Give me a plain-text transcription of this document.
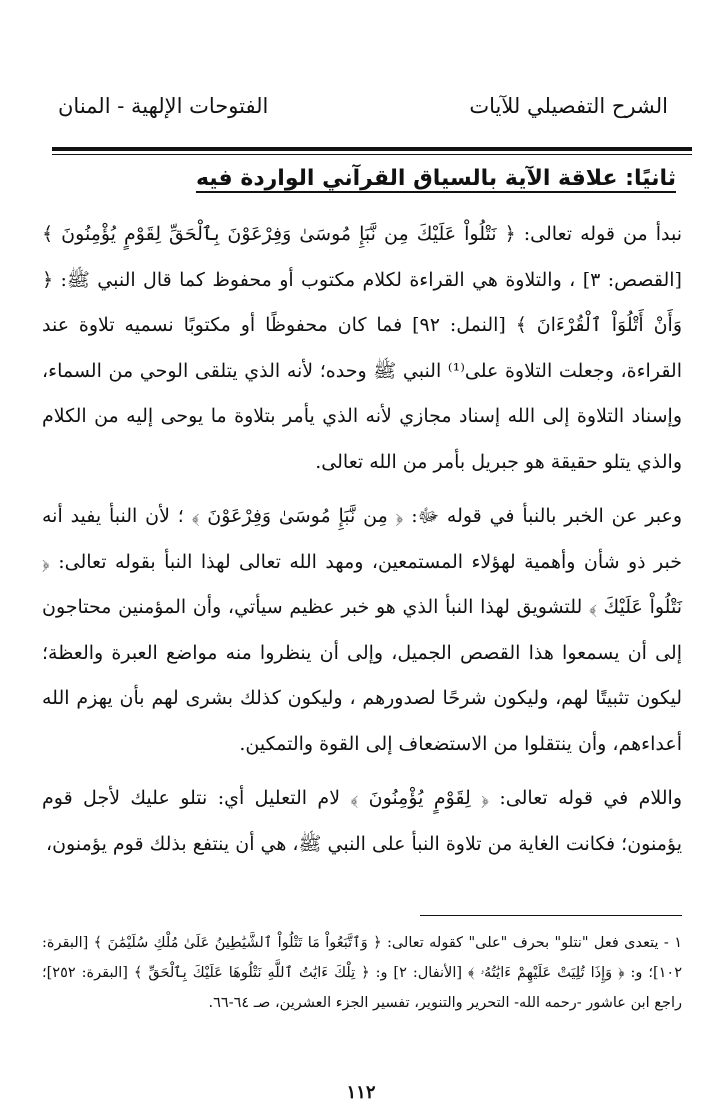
الشرح التفصيلي للآيات
الفتوحات الإلهية - المنان
ثانيًا: علاقة الآية بالسياق القرآني الواردة فيه

نبدأ من قوله تعالى: ﴿ نَتْلُواْ عَلَيْكَ مِن نَّبَإِ مُوسَىٰ وَفِرْعَوْنَ بِٱلْحَقِّ لِقَوْمٍ يُؤْمِنُونَ ﴾ [القصص: ٣] ، والتلاوة هي القراءة لكلام مكتوب أو محفوظ كما قال النبي ﷺ: ﴿ وَأَنْ أَتْلُوَاْ ٱلْقُرْءَانَ ﴾ [النمل: ٩٢] فما كان محفوظًا أو مكتوبًا نسميه تلاوة عند القراءة، وجعلت التلاوة على⁽¹⁾ النبي ﷺ وحده؛ لأنه الذي يتلقى الوحي من السماء، وإسناد التلاوة إلى الله إسناد مجازي لأنه الذي يأمر بتلاوة ما يوحى إليه من الكلام والذي يتلو حقيقة هو جبريل بأمر من الله تعالى.

وعبر عن الخبر بالنبأ في قوله ﷻ: ﴿ مِن نَّبَإِ مُوسَىٰ وَفِرْعَوْنَ ﴾ ؛ لأن النبأ يفيد أنه خبر ذو شأن وأهمية لهؤلاء المستمعين، ومهد الله تعالى لهذا النبأ بقوله تعالى: ﴿ نَتْلُواْ عَلَيْكَ ﴾ للتشويق لهذا النبأ الذي هو خبر عظيم سيأتي، وأن المؤمنين محتاجون إلى أن يسمعوا هذا القصص الجميل، وإلى أن ينظروا منه مواضع العبرة والعظة؛ ليكون تثبيتًا لهم، وليكون شرحًا لصدورهم ، وليكون كذلك بشرى لهم بأن يهزم الله أعداءهم، وأن ينتقلوا من الاستضعاف إلى القوة والتمكين.

واللام في قوله تعالى: ﴿ لِقَوْمٍ يُؤْمِنُونَ ﴾ لام التعليل أي: نتلو عليك لأجل قوم يؤمنون؛ فكانت الغاية من تلاوة النبأ على النبي ﷺ، هي أن ينتفع بذلك قوم يؤمنون،

١ - يتعدى فعل "نتلو" بحرف "على" كقوله تعالى: ﴿ وَٱتَّبَعُواْ مَا تَتْلُواْ ٱلشَّيَٰطِينُ عَلَىٰ مُلْكِ سُلَيْمَٰنَ ﴾ [البقرة: ١٠٢]؛ و: ﴿ وَإِذَا تُلِيَتْ عَلَيْهِمْ ءَايَٰتُهُۥ ﴾ [الأنفال: ٢] و: ﴿ تِلْكَ ءَايَٰتُ ٱللَّهِ نَتْلُوهَا عَلَيْكَ بِٱلْحَقِّ ﴾ [البقرة: ٢٥٢]؛ راجع ابن عاشور -رحمه الله- التحرير والتنوير، تفسير الجزء العشرين، صـ ٦٤-٦٦.

١١٢
